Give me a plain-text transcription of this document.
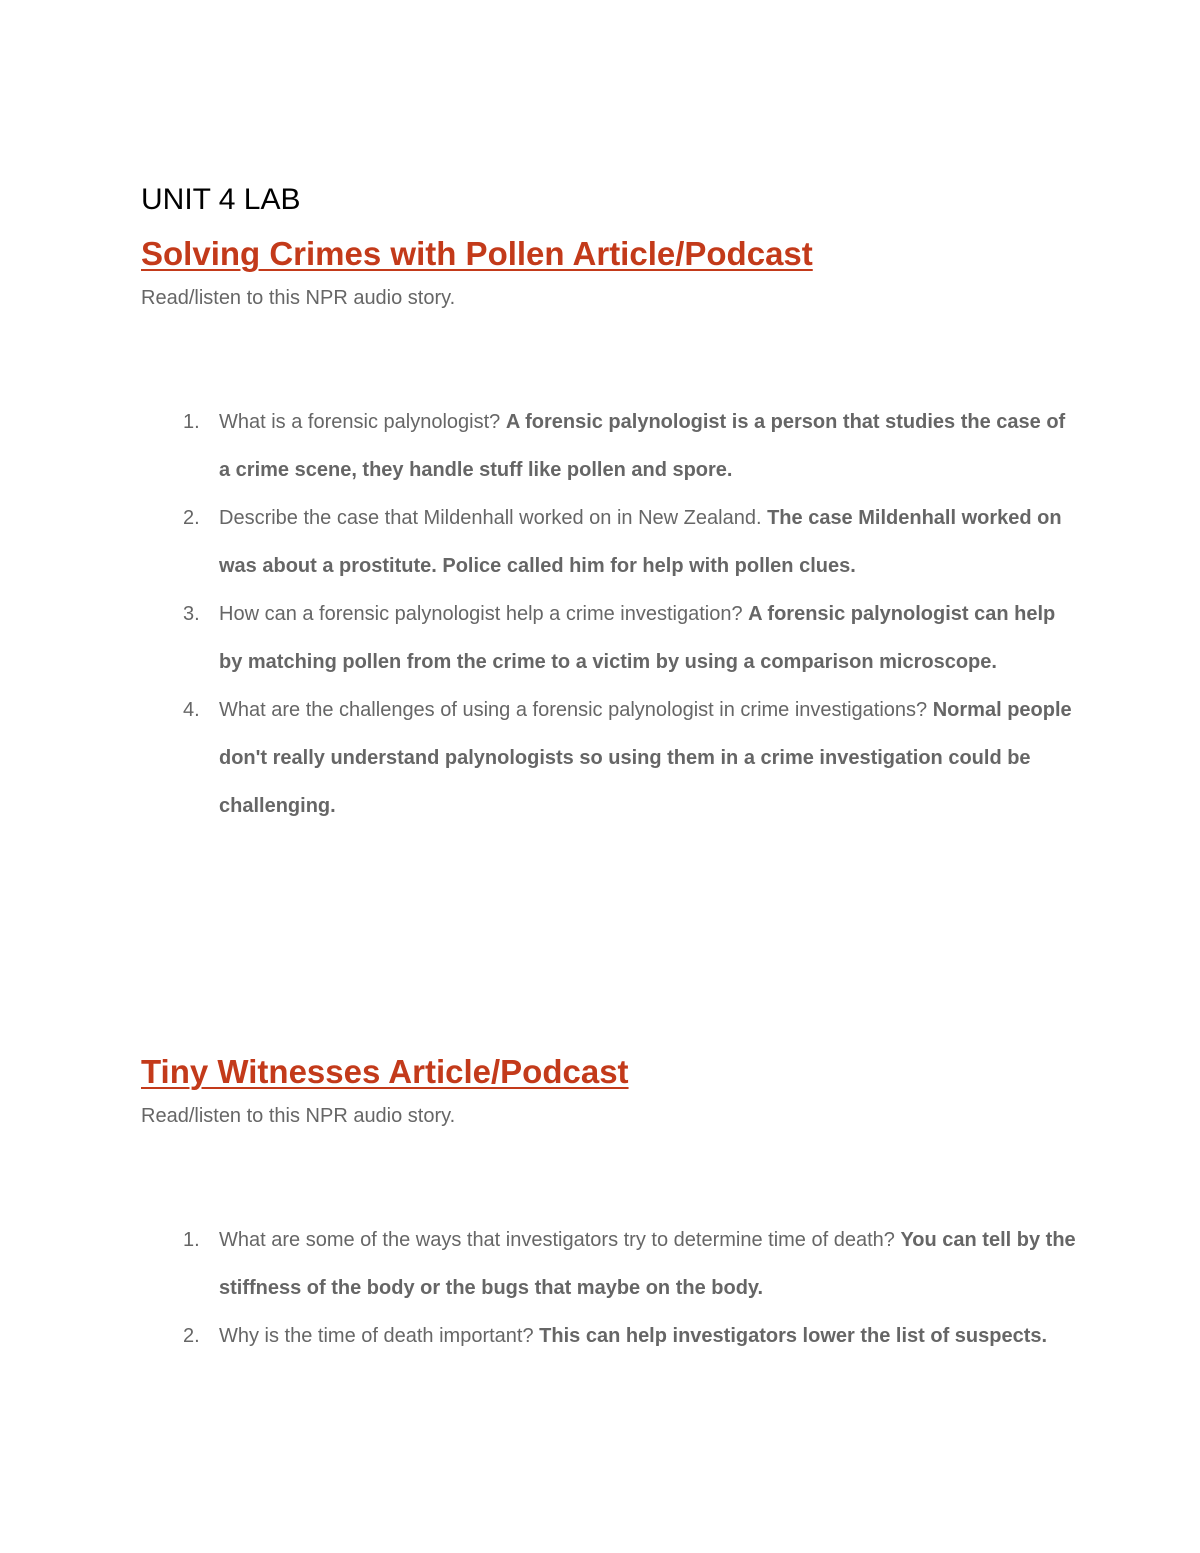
UNIT 4 LAB
Solving Crimes with Pollen Article/Podcast

Read/listen to this NPR audio story.

1. What is a forensic palynologist? A forensic palynologist is a person that studies the case of a crime scene, they handle stuff like pollen and spore.
2. Describe the case that Mildenhall worked on in New Zealand. The case Mildenhall worked on was about a prostitute. Police called him for help with pollen clues.
3. How can a forensic palynologist help a crime investigation? A forensic palynologist can help by matching pollen from the crime to a victim by using a comparison microscope.
4. What are the challenges of using a forensic palynologist in crime investigations? Normal people don't really understand palynologists so using them in a crime investigation could be challenging.
Tiny Witnesses Article/Podcast

Read/listen to this NPR audio story.

1. What are some of the ways that investigators try to determine time of death? You can tell by the stiffness of the body or the bugs that maybe on the body.
2. Why is the time of death important? This can help investigators lower the list of suspects.
